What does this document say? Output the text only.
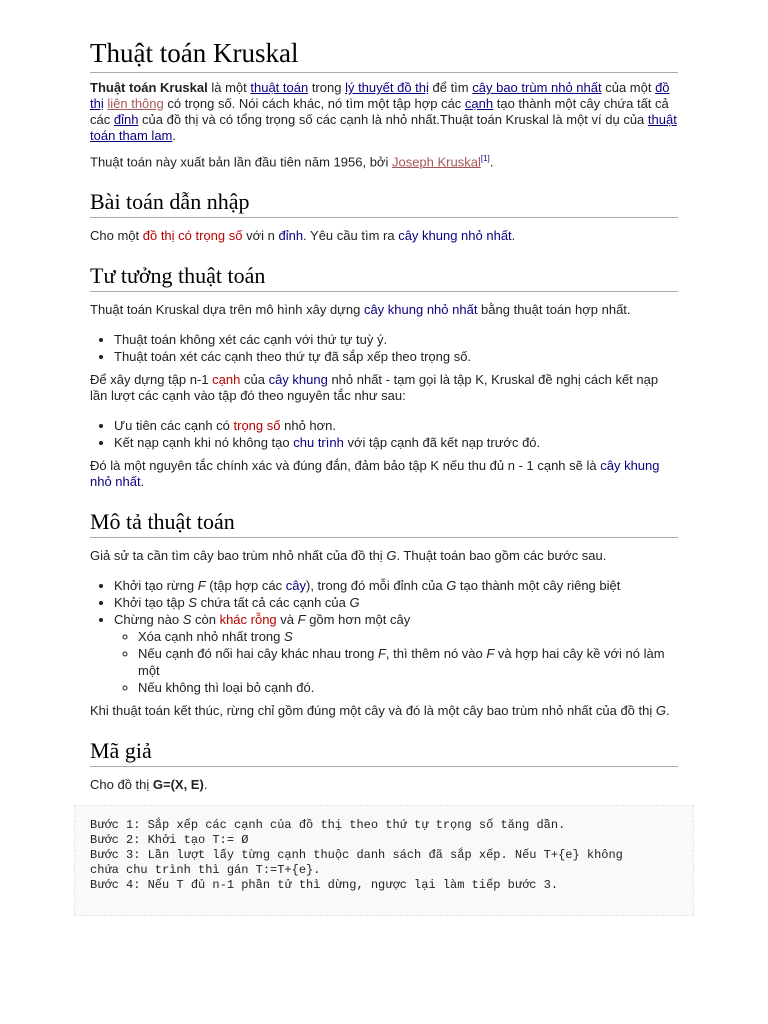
Thuật toán Kruskal

Thuật toán Kruskal là một thuật toán trong lý thuyết đồ thị để tìm cây bao trùm nhỏ nhất của một đồ thị liên thông có trọng số. Nói cách khác, nó tìm một tập hợp các cạnh tạo thành một cây chứa tất cả các đỉnh của đồ thị và có tổng trọng số các cạnh là nhỏ nhất.Thuật toán Kruskal là một ví dụ của thuật toán tham lam.

Thuật toán này xuất bản lần đầu tiên năm 1956, bởi Joseph Kruskal[1].

Bài toán dẫn nhập

Cho một đồ thị có trọng số với n đỉnh. Yêu cầu tìm ra cây khung nhỏ nhất.

Tư tưởng thuật toán

Thuật toán Kruskal dựa trên mô hình xây dựng cây khung nhỏ nhất bằng thuật toán hợp nhất.

• Thuật toán không xét các cạnh với thứ tự tuỳ ý.
• Thuật toán xét các cạnh theo thứ tự đã sắp xếp theo trọng số.

Để xây dựng tập n-1 cạnh của cây khung nhỏ nhất - tạm gọi là tập K, Kruskal đề nghị cách kết nạp lần lượt các cạnh vào tập đó theo nguyên tắc như sau:

• Ưu tiên các cạnh có trọng số nhỏ hơn.
• Kết nạp cạnh khi nó không tạo chu trình với tập cạnh đã kết nạp trước đó.

Đó là một nguyên tắc chính xác và đúng đắn, đảm bảo tập K nếu thu đủ n - 1 cạnh sẽ là cây khung nhỏ nhất.

Mô tả thuật toán

Giả sử ta cần tìm cây bao trùm nhỏ nhất của đồ thị G. Thuật toán bao gồm các bước sau.

• Khởi tạo rừng F (tập hợp các cây), trong đó mỗi đỉnh của G tạo thành một cây riêng biệt
• Khởi tạo tập S chứa tất cả các cạnh của G
• Chừng nào S còn khác rỗng và F gồm hơn một cây
◦ Xóa cạnh nhỏ nhất trong S
◦ Nếu cạnh đó nối hai cây khác nhau trong F, thì thêm nó vào F và hợp hai cây kề với nó làm một
◦ Nếu không thì loại bỏ cạnh đó.

Khi thuật toán kết thúc, rừng chỉ gồm đúng một cây và đó là một cây bao trùm nhỏ nhất của đồ thị G.

Mã giả

Cho đồ thị G=(X, E).

Bước 1: Sắp xếp các cạnh của đồ thị theo thứ tự trọng số tăng dần.
Bước 2: Khởi tạo T:= Ø
Bước 3: Lần lượt lấy từng cạnh thuộc danh sách đã sắp xếp. Nếu T+{e} không
chứa chu trình thì gán T:=T+{e}.
Bước 4: Nếu T đủ n-1 phần tử thì dừng, ngược lại làm tiếp bước 3.
